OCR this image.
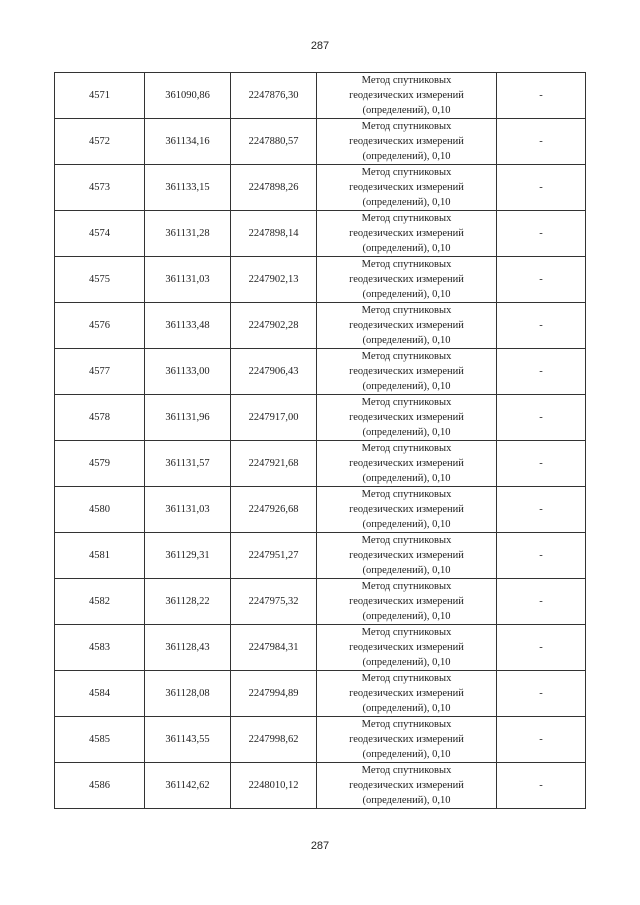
287
4571	361090,86	2247876,30	Метод спутниковых
геодезических измерений
(определений), 0,10	-
4572	361134,16	2247880,57	Метод спутниковых
геодезических измерений
(определений), 0,10	-
4573	361133,15	2247898,26	Метод спутниковых
геодезических измерений
(определений), 0,10	-
4574	361131,28	2247898,14	Метод спутниковых
геодезических измерений
(определений), 0,10	-
4575	361131,03	2247902,13	Метод спутниковых
геодезических измерений
(определений), 0,10	-
4576	361133,48	2247902,28	Метод спутниковых
геодезических измерений
(определений), 0,10	-
4577	361133,00	2247906,43	Метод спутниковых
геодезических измерений
(определений), 0,10	-
4578	361131,96	2247917,00	Метод спутниковых
геодезических измерений
(определений), 0,10	-
4579	361131,57	2247921,68	Метод спутниковых
геодезических измерений
(определений), 0,10	-
4580	361131,03	2247926,68	Метод спутниковых
геодезических измерений
(определений), 0,10	-
4581	361129,31	2247951,27	Метод спутниковых
геодезических измерений
(определений), 0,10	-
4582	361128,22	2247975,32	Метод спутниковых
геодезических измерений
(определений), 0,10	-
4583	361128,43	2247984,31	Метод спутниковых
геодезических измерений
(определений), 0,10	-
4584	361128,08	2247994,89	Метод спутниковых
геодезических измерений
(определений), 0,10	-
4585	361143,55	2247998,62	Метод спутниковых
геодезических измерений
(определений), 0,10	-
4586	361142,62	2248010,12	Метод спутниковых
геодезических измерений
(определений), 0,10	-
287
